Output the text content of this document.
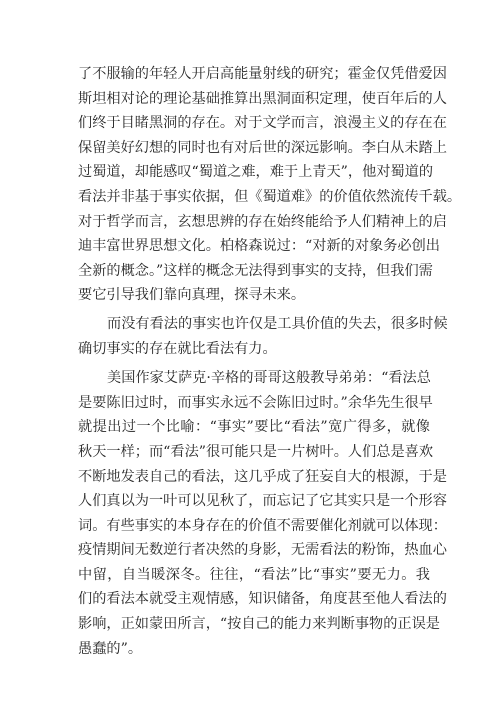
了不服输的年轻人开启高能量射线的研究；霍金仅凭借爱因
斯坦相对论的理论基础推算出黑洞面积定理，使百年后的人
们终于目睹黑洞的存在。对于文学而言，浪漫主义的存在在
保留美好幻想的同时也有对后世的深远影响。李白从未踏上
过蜀道，却能感叹“蜀道之难，难于上青天”，他对蜀道的
看法并非基于事实依据，但《蜀道难》的价值依然流传千载。
对于哲学而言，玄想思辨的存在始终能给予人们精神上的启
迪丰富世界思想文化。柏格森说过：“对新的对象务必创出
全新的概念。”这样的概念无法得到事实的支持，但我们需
要它引导我们靠向真理，探寻未来。
而没有看法的事实也许仅是工具价值的失去，很多时候
确切事实的存在就比看法有力。
美国作家艾萨克·辛格的哥哥这般教导弟弟：“看法总
是要陈旧过时，而事实永远不会陈旧过时。”余华先生很早
就提出过一个比喻：“事实”要比“看法”宽广得多，就像
秋天一样；而“看法”很可能只是一片树叶。人们总是喜欢
不断地发表自己的看法，这几乎成了狂妄自大的根源，于是
人们真以为一叶可以见秋了，而忘记了它其实只是一个形容
词。有些事实的本身存在的价值不需要催化剂就可以体现：
疫情期间无数逆行者决然的身影，无需看法的粉饰，热血心
中留，自当暖深冬。往往，“看法”比“事实”要无力。我
们的看法本就受主观情感，知识储备，角度甚至他人看法的
影响，正如蒙田所言，“按自己的能力来判断事物的正误是
愚蠢的”。
